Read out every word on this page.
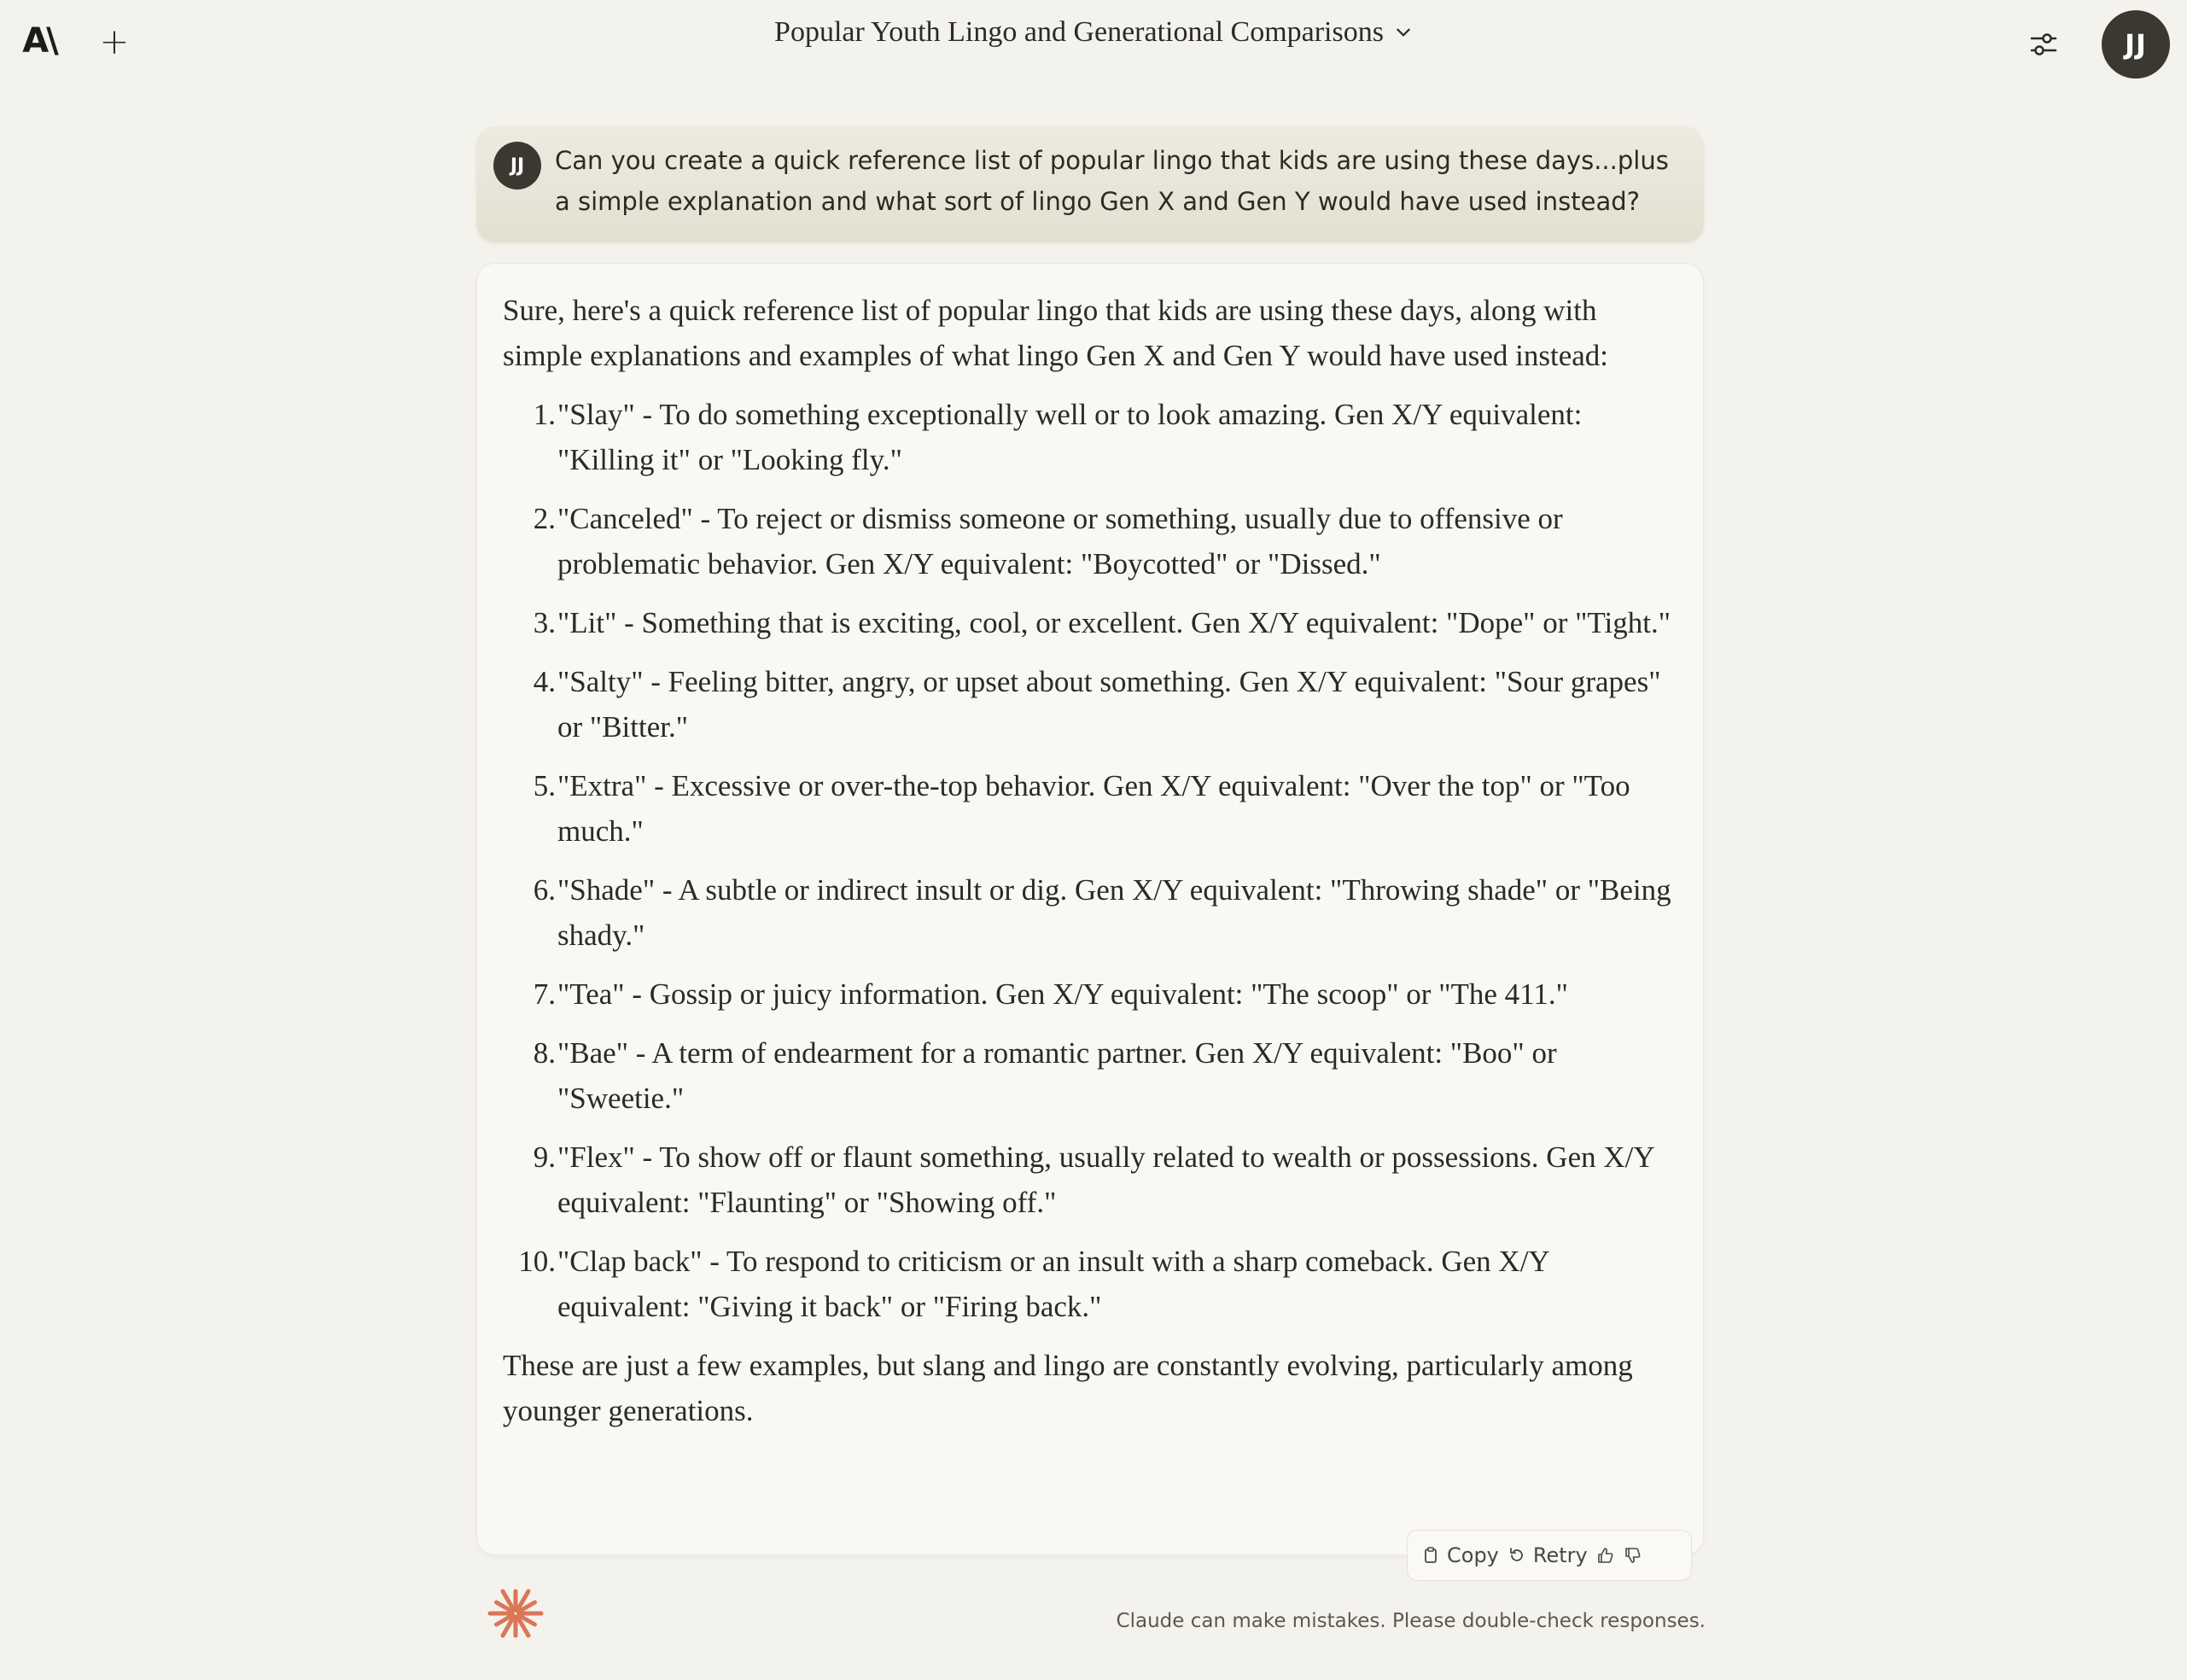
A\ +	Popular Youth Lingo and Generational Comparisons	JJ
JJ	Can you create a quick reference list of popular lingo that kids are using these days...plus a simple explanation and what sort of lingo Gen X and Gen Y would have used instead?

Sure, here's a quick reference list of popular lingo that kids are using these days, along with simple explanations and examples of what lingo Gen X and Gen Y would have used instead:

1. "Slay" - To do something exceptionally well or to look amazing. Gen X/Y equivalent: "Killing it" or "Looking fly."
2. "Canceled" - To reject or dismiss someone or something, usually due to offensive or problematic behavior. Gen X/Y equivalent: "Boycotted" or "Dissed."
3. "Lit" - Something that is exciting, cool, or excellent. Gen X/Y equivalent: "Dope" or "Tight."
4. "Salty" - Feeling bitter, angry, or upset about something. Gen X/Y equivalent: "Sour grapes" or "Bitter."
5. "Extra" - Excessive or over-the-top behavior. Gen X/Y equivalent: "Over the top" or "Too much."
6. "Shade" - A subtle or indirect insult or dig. Gen X/Y equivalent: "Throwing shade" or "Being shady."
7. "Tea" - Gossip or juicy information. Gen X/Y equivalent: "The scoop" or "The 411."
8. "Bae" - A term of endearment for a romantic partner. Gen X/Y equivalent: "Boo" or "Sweetie."
9. "Flex" - To show off or flaunt something, usually related to wealth or possessions. Gen X/Y equivalent: "Flaunting" or "Showing off."
10. "Clap back" - To respond to criticism or an insult with a sharp comeback. Gen X/Y equivalent: "Giving it back" or "Firing back."

These are just a few examples, but slang and lingo are constantly evolving, particularly among younger generations.

Copy Retry
Claude can make mistakes. Please double-check responses.
